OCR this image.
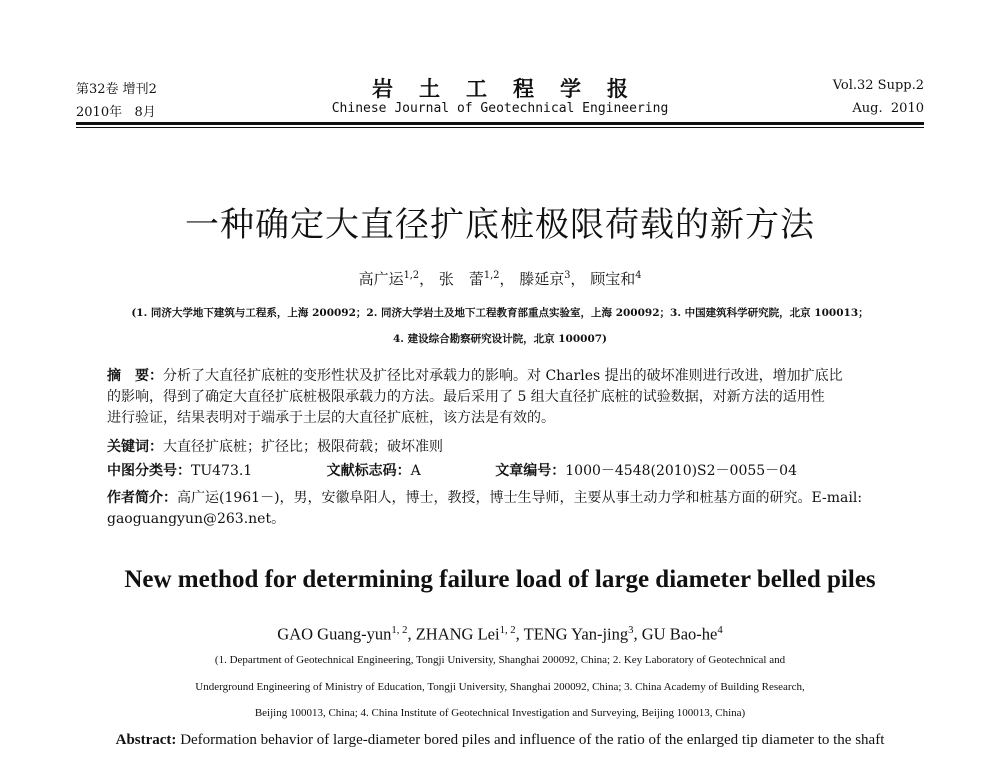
第32卷 增刊2	岩土工程学报	Vol.32 Supp.2
2010年   8月	Chinese Journal of Geotechnical Engineering	Aug.  2010
一种确定大直径扩底桩极限荷载的新方法
高广运$^{1,2}$， 张　蕾$^{1,2}$， 滕延京$^3$， 顾宝和$^4$
(1. 同济大学地下建筑与工程系，上海 200092；2. 同济大学岩土及地下工程教育部重点实验室，上海 200092；3. 中国建筑科学研究院，北京 100013；
4. 建设综合勘察研究设计院，北京 100007)
摘　要：分析了大直径扩底桩的变形性状及扩径比对承载力的影响。对 Charles 提出的破坏准则进行改进，增加扩底比
的影响，得到了确定大直径扩底桩极限承载力的方法。最后采用了 5 组大直径扩底桩的试验数据，对新方法的适用性
进行验证，结果表明对于端承于土层的大直径扩底桩，该方法是有效的。
关键词：大直径扩底桩；扩径比；极限荷载；破坏准则
中图分类号：TU473.1	文献标志码：A	文章编号：1000－4548(2010)S2－0055－04
作者简介：高广运(1961－)，男，安徽阜阳人，博士，教授，博士生导师，主要从事土动力学和桩基方面的研究。E-mail:
gaoguangyun@263.net。
New method for determining failure load of large diameter belled piles
GAO Guang-yun$^{1, 2}$, ZHANG Lei$^{1, 2}$, TENG Yan-jing$^3$, GU Bao-$he^4$
(1. Department of Geotechnical Engineering, Tongji University, Shanghai 200092, China; 2. Key Laboratory of Geotechnical and
Underground Engineering of Ministry of Education, Tongji University, Shanghai 200092, China; 3. China Academy of Building Research,
Beijing 100013, China; 4. China Institute of Geotechnical Investigation and Surveying, Beijing 100013, China)
Abstract: Deformation behavior of large-diameter bored piles and influence of the ratio of the enlarged tip diameter to the shaft
